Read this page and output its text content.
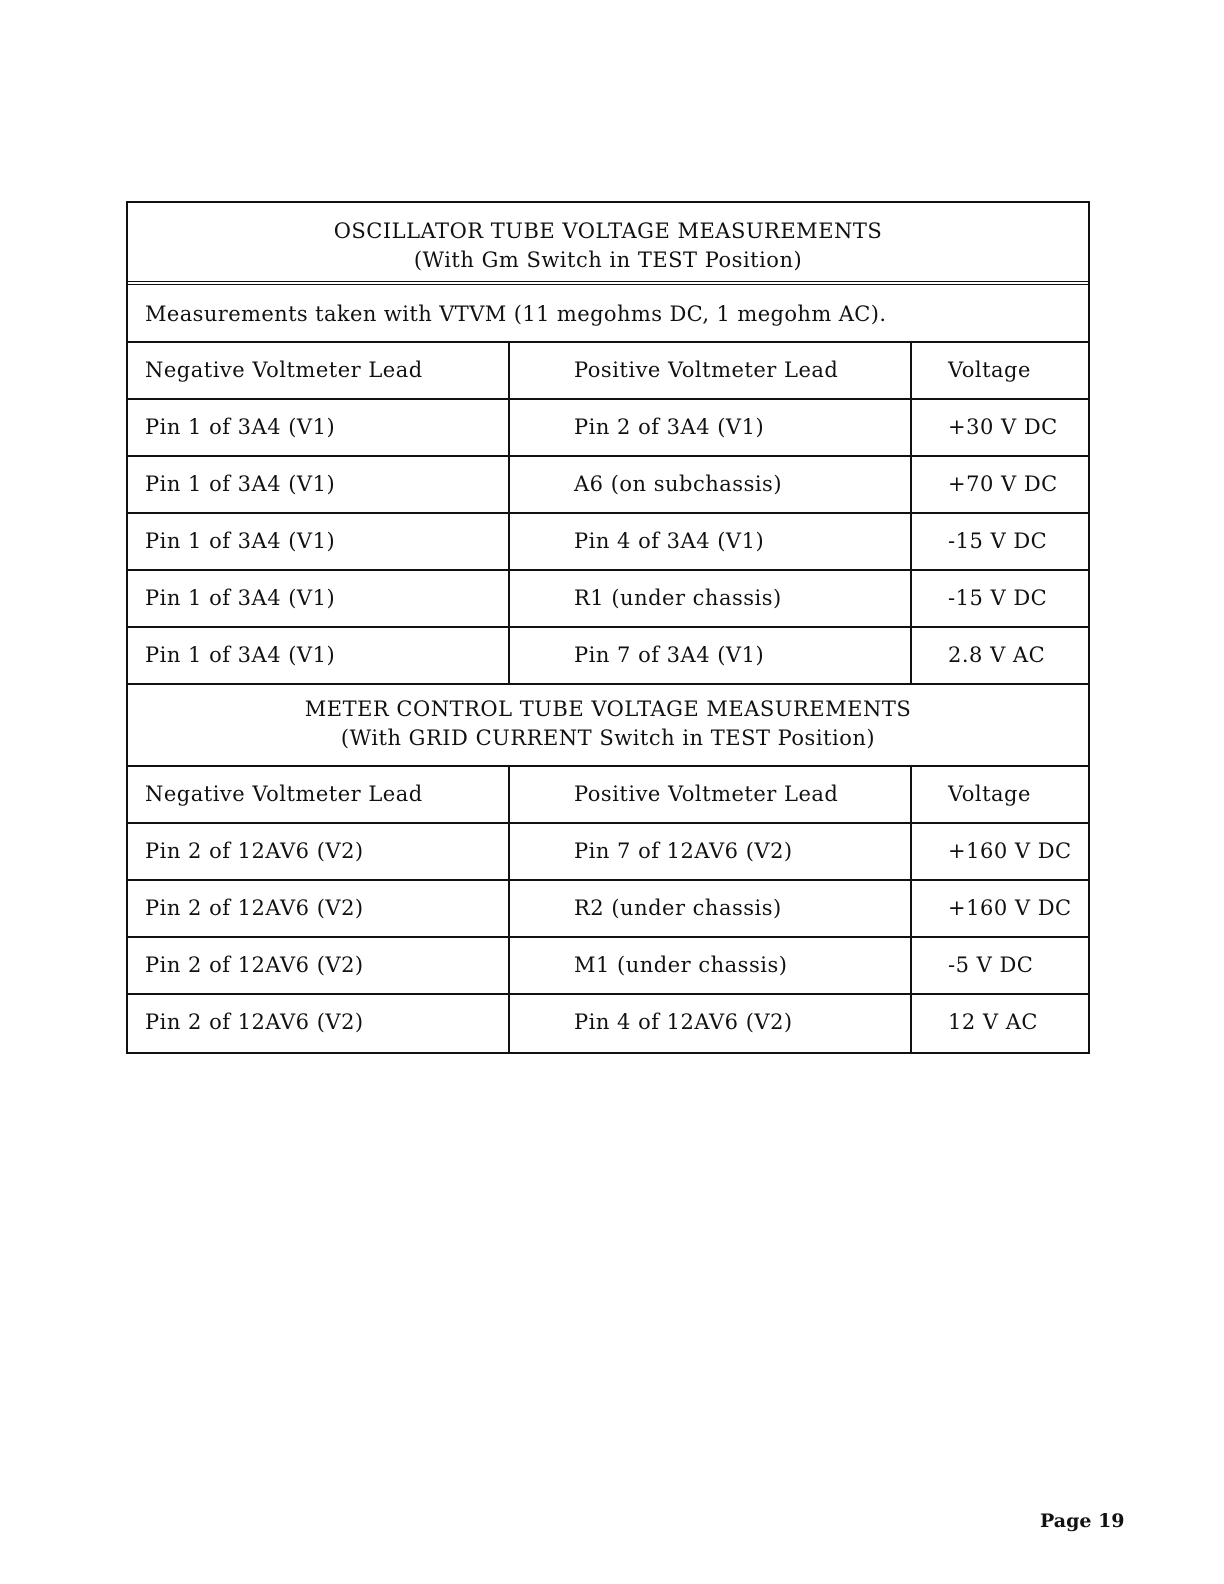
OSCILLATOR TUBE VOLTAGE MEASUREMENTS
(With Gm Switch in TEST Position)
Measurements taken with VTVM (11 megohms DC, 1 megohm AC).
Negative Voltmeter Lead	Positive Voltmeter Lead	Voltage
Pin 1 of 3A4 (V1)	Pin 2 of 3A4 (V1)	+30 V DC
Pin 1 of 3A4 (V1)	A6 (on subchassis)	+70 V DC
Pin 1 of 3A4 (V1)	Pin 4 of 3A4 (V1)	-15 V DC
Pin 1 of 3A4 (V1)	R1 (under chassis)	-15 V DC
Pin 1 of 3A4 (V1)	Pin 7 of 3A4 (V1)	2.8 V AC
METER CONTROL TUBE VOLTAGE MEASUREMENTS
(With GRID CURRENT Switch in TEST Position)
Negative Voltmeter Lead	Positive Voltmeter Lead	Voltage
Pin 2 of 12AV6 (V2)	Pin 7 of 12AV6 (V2)	+160 V DC
Pin 2 of 12AV6 (V2)	R2 (under chassis)	+160 V DC
Pin 2 of 12AV6 (V2)	M1 (under chassis)	-5 V DC
Pin 2 of 12AV6 (V2)	Pin 4 of 12AV6 (V2)	12 V AC
Page 19
